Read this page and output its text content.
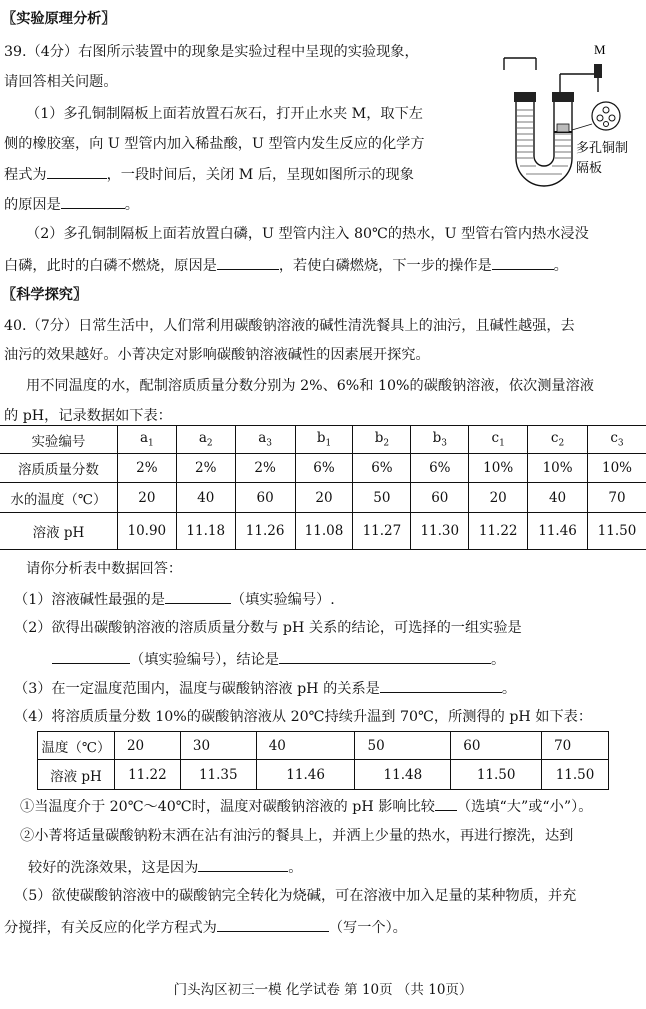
〖实验原理分析〗
39.（4分）右图所示装置中的现象是实验过程中呈现的实验现象，
请回答相关问题。
（1）多孔铜制隔板上面若放置石灰石，打开止水夹 M，取下左
侧的橡胶塞，向 U 型管内加入稀盐酸，U 型管内发生反应的化学方
程式为	，一段时间后，关闭 M 后，呈现如图所示的现象
的原因是	。
（2）多孔铜制隔板上面若放置白磷，U 型管内注入 80℃的热水，U 型管右管内热水浸没
白磷，此时的白磷不燃烧，原因是	，若使白磷燃烧，下一步的操作是	。
M
多孔铜制
隔板
〖科学探究〗
40.（7分）日常生活中，人们常利用碳酸钠溶液的碱性清洗餐具上的油污，且碱性越强，去
油污的效果越好。小菁决定对影响碳酸钠溶液碱性的因素展开探究。
用不同温度的水，配制溶质质量分数分别为 2%、6%和 10%的碳酸钠溶液，依次测量溶液
的 pH，记录数据如下表：
实验编号	$a_1$	$a_2$	$a_3$	$b_1$	$b_2$	$b_3$	$c_1$	$c_2$	$c_3$
溶质质量分数	2%	2%	2%	6%	6%	6%	10%	10%	10%
水的温度（℃）	20	40	60	20	50	60	20	40	70
溶液 pH	10.90	11.18	11.26	11.08	11.27	11.30	11.22	11.46	11.50
请你分析表中数据回答：
（1）溶液碱性最强的是	（填实验编号）.
（2）欲得出碳酸钠溶液的溶质质量分数与 pH 关系的结论，可选择的一组实验是
（填实验编号），结论是	。
（3）在一定温度范围内，温度与碳酸钠溶液 pH 的关系是	。
（4）将溶质质量分数 10%的碳酸钠溶液从 20℃持续升温到 70℃，所测得的 pH 如下表：
温度（℃）	20	30	40	50	60	70
溶液 pH	11.22	11.35	11.46	11.48	11.50	11.50
①当温度介于 20℃～40℃时，温度对碳酸钠溶液的 pH 影响比较 （选填“大”或“小”）。
②小菁将适量碳酸钠粉末洒在沾有油污的餐具上，并洒上少量的热水，再进行擦洗，达到
较好的洗涤效果，这是因为	。
（5）欲使碳酸钠溶液中的碳酸钠完全转化为烧碱，可在溶液中加入足量的某种物质，并充
分搅拌，有关反应的化学方程式为	（写一个）。
门头沟区初三一模 化学试卷 第 10页 （共 10页）
